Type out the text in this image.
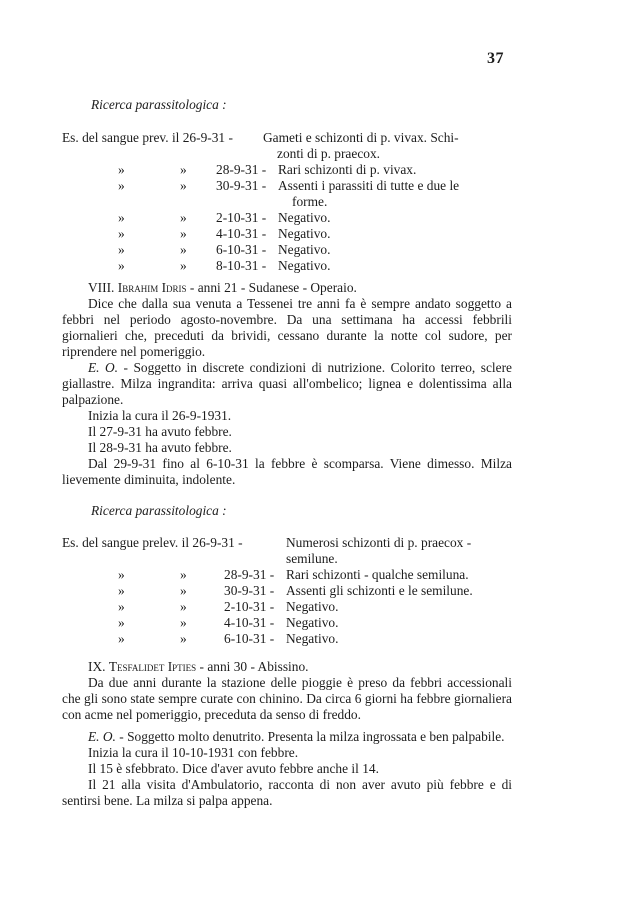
37
Ricerca parassitologica :
Es. del sangue prev. il 26-9-31 - Gameti e schizonti di p. vivax. Schi-
zonti di p. praecox.
»	» 28-9-31 - Rari schizonti di p. vivax.
»	» 30-9-31 - Assenti i parassiti di tutte e due le
forme.
»	» 2-10-31 - Negativo.
»	» 4-10-31 - Negativo.
»	» 6-10-31 - Negativo.
»	» 8-10-31 - Negativo.

VIII. Ibrahim Idris - anni 21 - Sudanese - Operaio.

Dice che dalla sua venuta a Tessenei tre anni fa è sempre andato soggetto a febbri nel periodo agosto-novembre. Da una settimana ha accessi febbrili giornalieri che, preceduti da brividi, cessano durante la notte col sudore, per riprendere nel pomeriggio.

E. O. - Soggetto in discrete condizioni di nutrizione. Colorito terreo, sclere giallastre. Milza ingrandita: arriva quasi all'ombelico; lignea e dolentissima alla palpazione.

Inizia la cura il 26-9-1931.

Il 27-9-31 ha avuto febbre.

Il 28-9-31 ha avuto febbre.

Dal 29-9-31 fino al 6-10-31 la febbre è scomparsa. Viene dimesso. Milza lievemente diminuita, indolente.

Ricerca parassitologica :
Es. del sangue prelev. il 26-9-31 -	Numerosi schizonti di p. praecox -
semilune.
»	»	28-9-31 - Rari schizonti - qualche semiluna.
»	»	30-9-31 - Assenti gli schizonti e le semilune.
»	»	2-10-31 - Negativo.
»	»	4-10-31 - Negativo.
»	»	6-10-31 - Negativo.

IX. Tesfalidet Ipties - anni 30 - Abissino.

Da due anni durante la stazione delle pioggie è preso da febbri accessionali che gli sono state sempre curate con chinino. Da circa 6 giorni ha febbre giornaliera con acme nel pomeriggio, preceduta da senso di freddo.

E. O. - Soggetto molto denutrito. Presenta la milza ingrossata e ben palpabile.

Inizia la cura il 10-10-1931 con febbre.

Il 15 è sfebbrato. Dice d'aver avuto febbre anche il 14.

Il 21 alla visita d'Ambulatorio, racconta di non aver avuto più febbre e di sentirsi bene. La milza si palpa appena.
